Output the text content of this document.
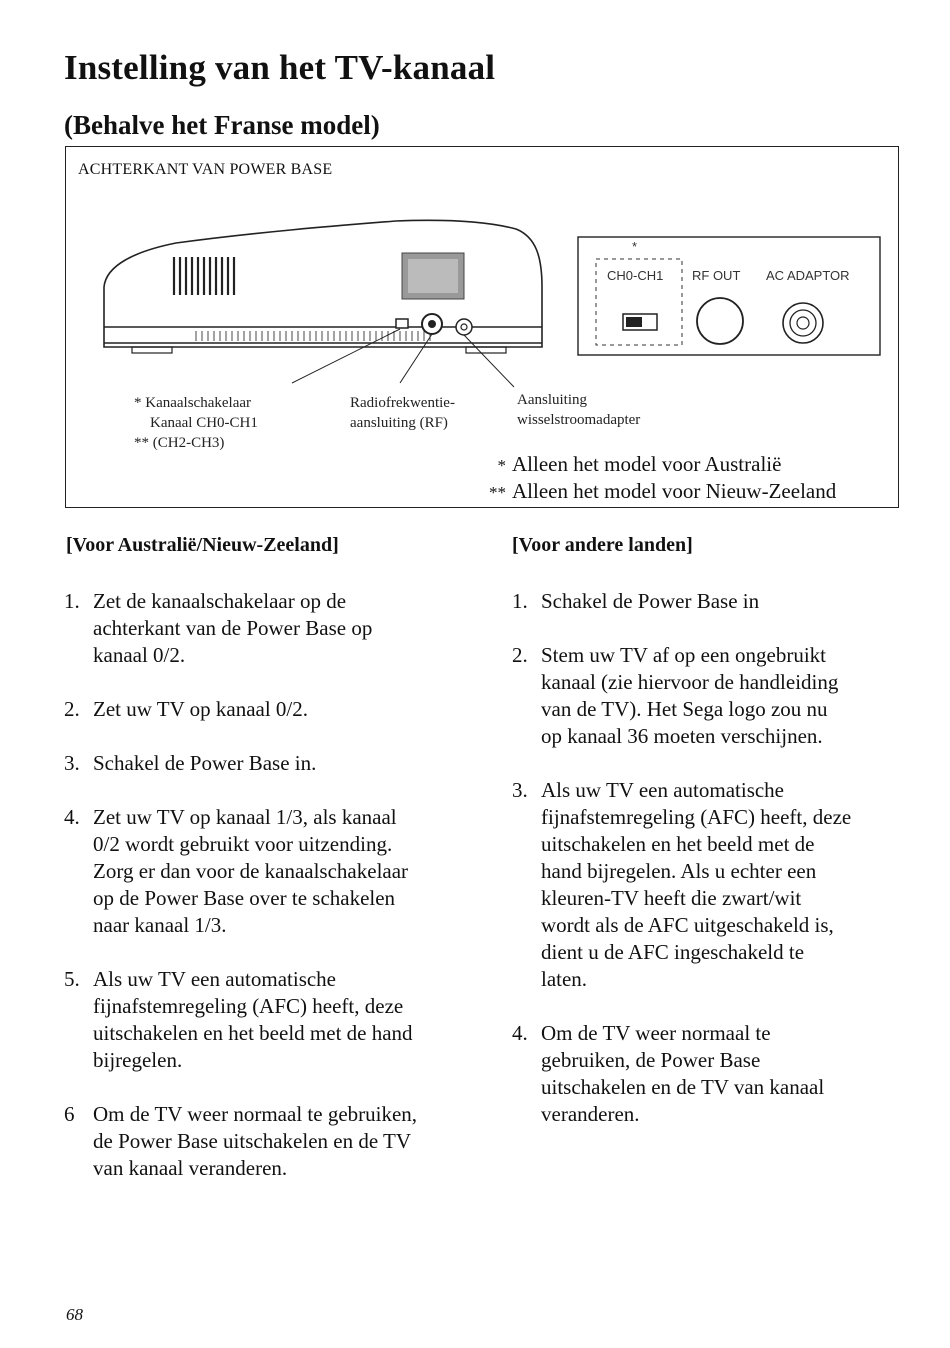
Instelling van het TV-kanaal
(Behalve het Franse model)
ACHTERKANT VAN POWER BASE
*
CH0-CH1 RF OUT AC ADAPTOR
* Kanaalschakelaar
Kanaal CH0-CH1
** (CH2-CH3)
Radiofrekwentie-
aansluiting (RF)
Aansluiting
wisselstroomadapter
* Alleen het model voor Australië
** Alleen het model voor Nieuw-Zeeland
[Voor Australië/Nieuw-Zeeland]	[Voor andere landen]
1. Zet de kanaalschakelaar op de
achterkant van de Power Base op
kanaal 0/2.
2. Zet uw TV op kanaal 0/2.
3. Schakel de Power Base in.
4. Zet uw TV op kanaal 1/3, als kanaal
0/2 wordt gebruikt voor uitzending.
Zorg er dan voor de kanaalschakelaar
op de Power Base over te schakelen
naar kanaal 1/3.
5. Als uw TV een automatische
fijnafstemregeling (AFC) heeft, deze
uitschakelen en het beeld met de hand
bijregelen.
6 Om de TV weer normaal te gebruiken,
de Power Base uitschakelen en de TV
van kanaal veranderen.
1. Schakel de Power Base in
2. Stem uw TV af op een ongebruikt
kanaal (zie hiervoor de handleiding
van de TV). Het Sega logo zou nu
op kanaal 36 moeten verschijnen.
3. Als uw TV een automatische
fijnafstemregeling (AFC) heeft, deze
uitschakelen en het beeld met de
hand bijregelen. Als u echter een
kleuren-TV heeft die zwart/wit
wordt als de AFC uitgeschakeld is,
dient u de AFC ingeschakeld te
laten.
4. Om de TV weer normaal te
gebruiken, de Power Base
uitschakelen en de TV van kanaal
veranderen.
68
